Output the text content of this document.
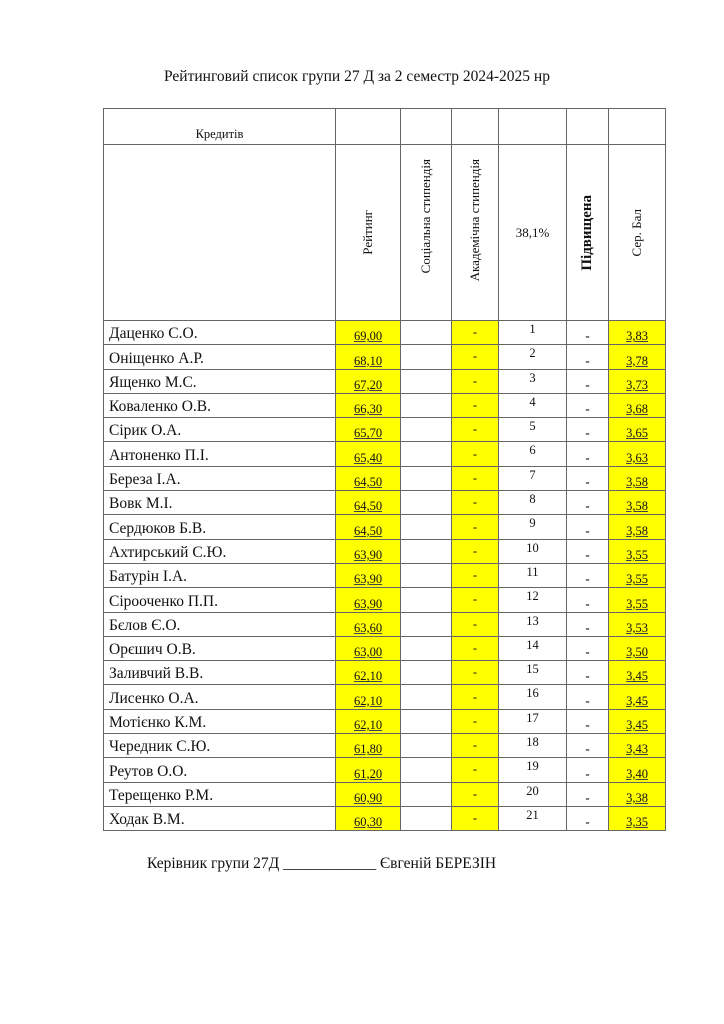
Рейтинговий список групи 27 Д за 2 семестр 2024-2025 нр
Кредитів						

	Рейтинг	Соціальна стипендія	Академічна стипендія	38,1%	Підвищена	Сер. Бал

Даценко С.О.	69,00		-	1	-	3,83
Оніщенко А.Р.	68,10		-	2	-	3,78
Ященко М.С.	67,20		-	3	-	3,73
Коваленко О.В.	66,30		-	4	-	3,68
Сірик О.А.	65,70		-	5	-	3,65
Антоненко П.І.	65,40		-	6	-	3,63
Береза І.А.	64,50		-	7	-	3,58
Вовк М.І.	64,50		-	8	-	3,58
Сердюков Б.В.	64,50		-	9	-	3,58
Ахтирський С.Ю.	63,90		-	10	-	3,55
Батурін І.А.	63,90		-	11	-	3,55
Сірооченко П.П.	63,90		-	12	-	3,55
Бєлов Є.О.	63,60		-	13	-	3,53
Орєшич О.В.	63,00		-	14	-	3,50
Заливчий В.В.	62,10		-	15	-	3,45
Лисенко О.А.	62,10		-	16	-	3,45
Мотієнко К.М.	62,10		-	17	-	3,45
Чередник С.Ю.	61,80		-	18	-	3,43
Реутов О.О.	61,20		-	19	-	3,40
Терещенко Р.М.	60,90		-	20	-	3,38
Ходак В.М.	60,30		-	21	-	3,35
Керівник групи 27Д ____________ Євгеній БЕРЕЗІН
